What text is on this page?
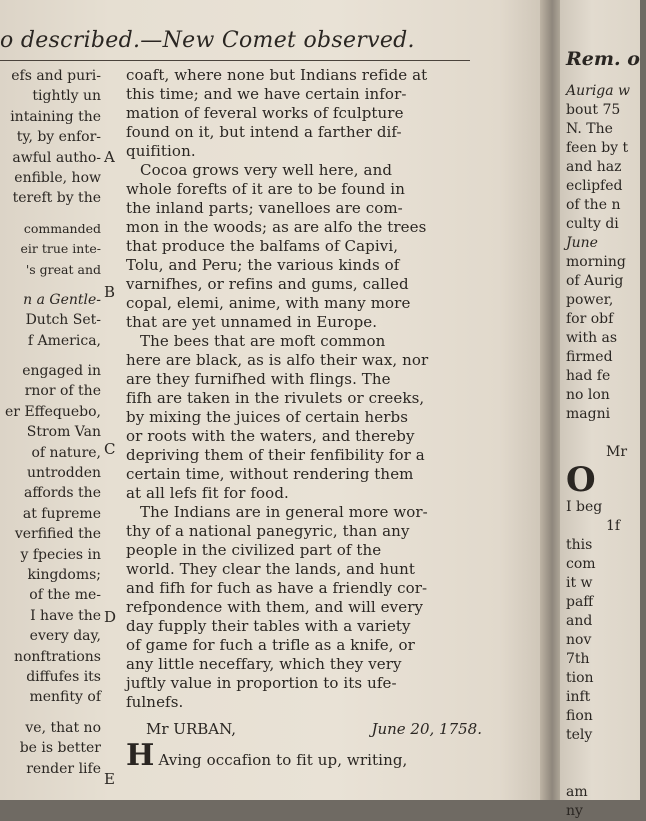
o described.—New Comet observed.
efs and puri-
tightly un
intaining the
ty, by enfor-
awful autho-
enfible, how
tereft by the
commanded
eir true inte-
's great and
n a Gentle-
Dutch Set-
f America,
engaged in
rnor of the
er Effequebo,
Strom Van
of nature,
untrodden
affords the
at fupreme
verfified the
y fpecies in
kingdoms;
of the me-
I have the
every day,
nonftrations
diffufes its
menfity of
ve, that no
be is better
render life
A
B
C
D
E
coaft, where none but Indians refide at
this time; and we have certain infor-
mation of feveral works of fculpture
found on it, but intend a farther dif-
quifition.
Cocoa grows very well here, and
whole forefts of it are to be found in
the inland parts; vanelloes are com-
mon in the woods; as are alfo the trees
that produce the balfams of Capivi,
Tolu, and Peru; the various kinds of
varnifhes, or refins and gums, called
copal, elemi, anime, with many more
that are yet unnamed in Europe.
The bees that are moft common
here are black, as is alfo their wax, nor
are they furnifhed with flings. The
fifh are taken in the rivulets or creeks,
by mixing the juices of certain herbs
or roots with the waters, and thereby
depriving them of their fenfibility for a
certain time, without rendering them
at all lefs fit for food.
The Indians are in general more wor-
thy of a national panegyric, than any
people in the civilized part of the
world. They clear the lands, and hunt
and fifh for fuch as have a friendly cor-
refpondence with them, and will every
day fupply their tables with a variety
of game for fuch a trifle as a knife, or
any little neceffary, which they very
juftly value in proportion to its ufe-
fulnefs.
Mr URBAN,	June 20, 1758.
H Aving occafion to fit up, writing,
Rem. o
Auriga w
bout 75
N. The
feen by t
and haz
eclipfed
of the n
culty di
June
morning
of Aurig
power,
for obf
with as
firmed
had fe
no lon
magni
Mr
O
I beg
1f
this
com
it w
paff
and
nov
7th
tion
inft
fion
tely
am
ny
